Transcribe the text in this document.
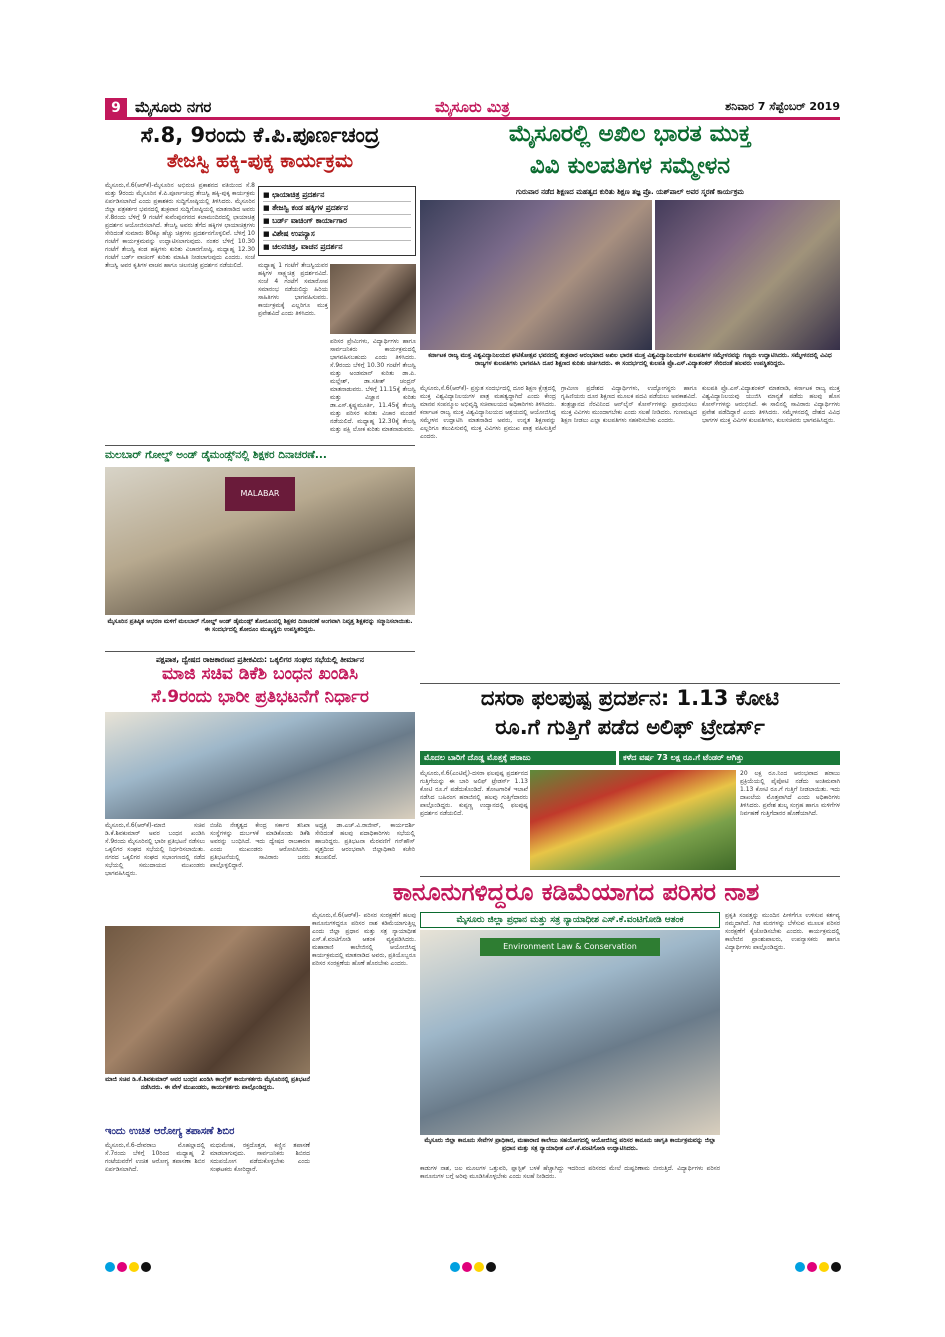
9 ಮೈಸೂರು ನಗರ	ಮೈಸೂರು ಮಿತ್ರ	ಶನಿವಾರ 7 ಸೆಪ್ಟೆಂಬರ್ 2019
ಸೆ.8, 9ರಂದು ಕೆ.ಪಿ.ಪೂರ್ಣಚಂದ್ರ
ತೇಜಸ್ವಿ ಹಕ್ಕಿ-ಪುಕ್ಕ ಕಾರ್ಯಕ್ರಮ
ಮೈಸೂರು,ಸೆ.6(ಆರ್‌ಕೆ)-ಮೈಸೂರಿನ ಅಭಿರುಚಿ ಪ್ರಕಾಶನದ ವತಿಯಿಂದ ಸೆ.8 ಮತ್ತು 9ರಂದು ಮೈಸೂರಿನ ಕೆ.ಪಿ.ಪೂರ್ಣಚಂದ್ರ ತೇಜಸ್ವಿ ಹಕ್ಕಿ-ಪುಕ್ಕ ಕಾರ್ಯಕ್ರಮ ಏರ್ಪಡಿಸಲಾಗಿದೆ ಎಂದು ಪ್ರಕಾಶಕರು ಸುದ್ದಿಗೋಷ್ಠಿಯಲ್ಲಿ ತಿಳಿಸಿದರು. ಮೈಸೂರಿನ ಜಿಲ್ಲಾ ಪತ್ರಕರ್ತರ ಭವನದಲ್ಲಿ ಶುಕ್ರವಾರ ಸುದ್ದಿಗೋಷ್ಠಿಯಲ್ಲಿ ಮಾತನಾಡಿದ ಅವರು ಸೆ.8ರಂದು ಬೆಳಿಗ್ಗೆ 9 ಗಂಟೆಗೆ ಕುವೆಂಪುನಗರದ ಕಲಾಮಂದಿರದಲ್ಲಿ ಛಾಯಾಚಿತ್ರ ಪ್ರದರ್ಶನ ಆಯೋಜಿಸಲಾಗಿದೆ. ತೇಜಸ್ವಿ ಅವರು ತೆಗೆದ ಹಕ್ಕಿಗಳ ಛಾಯಾಚಿತ್ರಗಳು ಸೇರಿದಂತೆ ಸುಮಾರು 80ಕ್ಕೂ ಹೆಚ್ಚು ಚಿತ್ರಗಳು ಪ್ರದರ್ಶನಗೊಳ್ಳಲಿವೆ. ಬೆಳಿಗ್ಗೆ 10 ಗಂಟೆಗೆ ಕಾರ್ಯಕ್ರಮವನ್ನು ಉದ್ಘಾಟಿಸಲಾಗುವುದು. ನಂತರ ಬೆಳಿಗ್ಗೆ 10.30 ಗಂಟೆಗೆ ತೇಜಸ್ವಿ ಕಂಡ ಹಕ್ಕಿಗಳು ಕುರಿತು ವಿಚಾರಗೋಷ್ಠಿ, ಮಧ್ಯಾಹ್ನ 12.30 ಗಂಟೆಗೆ ಬರ್ಡ್ ವಾಚಿಂಗ್ ಕುರಿತು ಮಾಹಿತಿ ನೀಡಲಾಗುವುದು ಎಂದರು. ಸಂಜೆ ತೇಜಸ್ವಿ ಅವರ ಕೃತಿಗಳ ವಾಚನ ಹಾಗೂ ಚಲನಚಿತ್ರ ಪ್ರದರ್ಶನ ನಡೆಯಲಿದೆ.
■ ಛಾಯಾಚಿತ್ರ ಪ್ರದರ್ಶನ
■ ತೇಜಸ್ವಿ ಕಂಡ ಹಕ್ಕಿಗಳ ಪ್ರದರ್ಶನ
■ ಬರ್ಡ್ ವಾಚಿಂಗ್ ಕಾರ್ಯಾಗಾರ
■ ವಿಶೇಷ ಉಪನ್ಯಾಸ
■ ಚಲನಚಿತ್ರ, ವಾಚನ ಪ್ರದರ್ಶನ
ಮಧ್ಯಾಹ್ನ 1 ಗಂಟೆಗೆ ತೇಜಸ್ವಿಯವರ ಹಕ್ಕಿಗಳ ಸಾಕ್ಷ್ಯಚಿತ್ರ ಪ್ರದರ್ಶನವಿದೆ. ಸಂಜೆ 4 ಗಂಟೆಗೆ ಸಮಾರೋಪ ಸಮಾರಂಭ ನಡೆಯಲಿದ್ದು ಹಿರಿಯ ಸಾಹಿತಿಗಳು ಭಾಗವಹಿಸುವರು. ಕಾರ್ಯಕ್ರಮಕ್ಕೆ ಎಲ್ಲರಿಗೂ ಮುಕ್ತ ಪ್ರವೇಶವಿದೆ ಎಂದು ತಿಳಿಸಿದರು.
ಪರಿಸರ ಪ್ರೇಮಿಗಳು, ವಿದ್ಯಾರ್ಥಿಗಳು ಹಾಗೂ ಸಾರ್ವಜನಿಕರು ಕಾರ್ಯಕ್ರಮದಲ್ಲಿ ಭಾಗವಹಿಸಬಹುದು ಎಂದು ತಿಳಿಸಿದರು. ಸೆ.9ರಂದು ಬೆಳಿಗ್ಗೆ 10.30 ಗಂಟೆಗೆ ತೇಜಸ್ವಿ ಮತ್ತು ಅಂಡಮಾನ್ ಕುರಿತು ಡಾ.ಪಿ. ಮಲ್ಲೇಶ್, ಡಾ.ಸತೀಶ್ ಚಂದ್ರನ್ ಮಾತನಾಡುವರು. ಬೆಳಿಗ್ಗೆ 11.15ಕ್ಕೆ ತೇಜಸ್ವಿ ಮತ್ತು ವಿಜ್ಞಾನ ಕುರಿತು ಡಾ.ಎಸ್.ಕೃಷ್ಣಮೂರ್ತಿ, 11.45ಕ್ಕೆ ತೇಜಸ್ವಿ ಮತ್ತು ಪರಿಸರ ಕುರಿತು ವಿಚಾರ ಮಂಡನೆ ನಡೆಯಲಿದೆ. ಮಧ್ಯಾಹ್ನ 12.30ಕ್ಕೆ ತೇಜಸ್ವಿ ಮತ್ತು ಪಕ್ಷಿ ಲೋಕ ಕುರಿತು ಮಾತನಾಡುವರು.
ಮೈಸೂರಲ್ಲಿ ಅಖಿಲ ಭಾರತ ಮುಕ್ತ
ವಿವಿ ಕುಲಪತಿಗಳ ಸಮ್ಮೇಳನ
ಗುರುವಾರ ನಡೆದ ಶಿಕ್ಷಣದ ಮಹತ್ವದ ಕುರಿತು ಶಿಕ್ಷಣ ತಜ್ಞ ಪ್ರೊ. ಯಶ್‌ಪಾಲ್ ಅವರ ಸ್ಮರಣೆ ಕಾರ್ಯಕ್ರಮ
ಕರ್ನಾಟಕ ರಾಜ್ಯ ಮುಕ್ತ ವಿಶ್ವವಿದ್ಯಾನಿಲಯದ ಘಟಿಕೋತ್ಸವ ಭವನದಲ್ಲಿ ಶುಕ್ರವಾರ ಆರಂಭವಾದ ಅಖಿಲ ಭಾರತ ಮುಕ್ತ ವಿಶ್ವವಿದ್ಯಾನಿಲಯಗಳ ಕುಲಪತಿಗಳ ಸಮ್ಮೇಳನವನ್ನು ಗಣ್ಯರು ಉದ್ಘಾಟಿಸಿದರು. ಸಮ್ಮೇಳನದಲ್ಲಿ ವಿವಿಧ ರಾಜ್ಯಗಳ ಕುಲಪತಿಗಳು ಭಾಗವಹಿಸಿ ದೂರ ಶಿಕ್ಷಣದ ಕುರಿತು ಚರ್ಚಿಸಿದರು. ಈ ಸಂದರ್ಭದಲ್ಲಿ ಕುಲಪತಿ ಪ್ರೊ.ಎಸ್.ವಿದ್ಯಾಶಂಕರ್ ಸೇರಿದಂತೆ ಹಲವರು ಉಪಸ್ಥಿತರಿದ್ದರು.
ಮೈಸೂರು,ಸೆ.6(ಆರ್‌ಕೆ)- ಪ್ರಸ್ತುತ ಸಂದರ್ಭದಲ್ಲಿ ದೂರ ಶಿಕ್ಷಣ ಕ್ಷೇತ್ರದಲ್ಲಿ ಮುಕ್ತ ವಿಶ್ವವಿದ್ಯಾನಿಲಯಗಳ ಪಾತ್ರ ಮಹತ್ವದ್ದಾಗಿದೆ ಎಂದು ಕೇಂದ್ರ ಮಾನವ ಸಂಪನ್ಮೂಲ ಅಭಿವೃದ್ಧಿ ಸಚಿವಾಲಯದ ಅಧಿಕಾರಿಗಳು ತಿಳಿಸಿದರು. ಕರ್ನಾಟಕ ರಾಜ್ಯ ಮುಕ್ತ ವಿಶ್ವವಿದ್ಯಾನಿಲಯದ ಆಶ್ರಯದಲ್ಲಿ ಆಯೋಜಿಸಿದ್ದ ಸಮ್ಮೇಳನ ಉದ್ಘಾಟಿಸಿ ಮಾತನಾಡಿದ ಅವರು, ಉನ್ನತ ಶಿಕ್ಷಣವನ್ನು ಎಲ್ಲರಿಗೂ ತಲುಪಿಸುವಲ್ಲಿ ಮುಕ್ತ ವಿವಿಗಳು ಪ್ರಮುಖ ಪಾತ್ರ ವಹಿಸುತ್ತಿವೆ ಎಂದರು.
ಗ್ರಾಮೀಣ ಪ್ರದೇಶದ ವಿದ್ಯಾರ್ಥಿಗಳು, ಉದ್ಯೋಗಸ್ಥರು ಹಾಗೂ ಗೃಹಿಣಿಯರು ದೂರ ಶಿಕ್ಷಣದ ಮೂಲಕ ಪದವಿ ಪಡೆಯಲು ಅವಕಾಶವಿದೆ. ತಂತ್ರಜ್ಞಾನದ ನೆರವಿನಿಂದ ಆನ್‌ಲೈನ್ ಕೋರ್ಸ್‌ಗಳನ್ನು ಪ್ರಾರಂಭಿಸಲು ಮುಕ್ತ ವಿವಿಗಳು ಮುಂದಾಗಬೇಕು ಎಂದು ಸಲಹೆ ನೀಡಿದರು. ಗುಣಮಟ್ಟದ ಶಿಕ್ಷಣ ನೀಡಲು ಎಲ್ಲಾ ಕುಲಪತಿಗಳು ಸಹಕರಿಸಬೇಕು ಎಂದರು.
ಕುಲಪತಿ ಪ್ರೊ.ಎಸ್.ವಿದ್ಯಾಶಂಕರ್ ಮಾತನಾಡಿ, ಕರ್ನಾಟಕ ರಾಜ್ಯ ಮುಕ್ತ ವಿಶ್ವವಿದ್ಯಾನಿಲಯವು ಯುಜಿಸಿ ಮಾನ್ಯತೆ ಪಡೆದು ಹಲವು ಹೊಸ ಕೋರ್ಸ್‌ಗಳನ್ನು ಆರಂಭಿಸಿದೆ. ಈ ಸಾಲಿನಲ್ಲಿ ಸಾವಿರಾರು ವಿದ್ಯಾರ್ಥಿಗಳು ಪ್ರವೇಶ ಪಡೆದಿದ್ದಾರೆ ಎಂದು ತಿಳಿಸಿದರು. ಸಮ್ಮೇಳನದಲ್ಲಿ ದೇಶದ ವಿವಿಧ ಭಾಗಗಳ ಮುಕ್ತ ವಿವಿಗಳ ಕುಲಪತಿಗಳು, ಕುಲಸಚಿವರು ಭಾಗವಹಿಸಿದ್ದರು.
ಮಲಬಾರ್ ಗೋಲ್ಡ್ ಅಂಡ್ ಡೈಮಂಡ್ಸ್‌ನಲ್ಲಿ ಶಿಕ್ಷಕರ ದಿನಾಚರಣೆ...
MALABAR
ಮೈಸೂರಿನ ಪ್ರತಿಷ್ಠಿತ ಆಭರಣ ಮಳಿಗೆ ಮಲಬಾರ್ ಗೋಲ್ಡ್ ಅಂಡ್ ಡೈಮಂಡ್ಸ್ ಶೋರೂಂನಲ್ಲಿ ಶಿಕ್ಷಕರ ದಿನಾಚರಣೆ ಅಂಗವಾಗಿ ನಿವೃತ್ತ ಶಿಕ್ಷಕರನ್ನು ಸನ್ಮಾನಿಸಲಾಯಿತು. ಈ ಸಂದರ್ಭದಲ್ಲಿ ಶೋರೂಂ ಮುಖ್ಯಸ್ಥರು ಉಪಸ್ಥಿತರಿದ್ದರು.
ಪಕ್ಷಪಾತ, ದ್ವೇಷದ ರಾಜಕಾರಣದ ಪ್ರತೀಕವಿದು: ಒಕ್ಕಲಿಗರ ಸಂಘದ ಸಭೆಯಲ್ಲಿ ತೀರ್ಮಾನ
ಮಾಜಿ ಸಚಿವ ಡಿಕೆಶಿ ಬಂಧನ ಖಂಡಿಸಿ
ಸೆ.9ರಂದು ಭಾರೀ ಪ್ರತಿಭಟನೆಗೆ ನಿರ್ಧಾರ
ಮೈಸೂರು,ಸೆ.6(ಆರ್‌ಕೆ)-ಮಾಜಿ ಸಚಿವ ಡಿ.ಕೆ.ಶಿವಕುಮಾರ್ ಅವರ ಬಂಧನ ಖಂಡಿಸಿ ಸೆ.9ರಂದು ಮೈಸೂರಿನಲ್ಲಿ ಭಾರೀ ಪ್ರತಿಭಟನೆ ನಡೆಸಲು ಒಕ್ಕಲಿಗರ ಸಂಘದ ಸಭೆಯಲ್ಲಿ ನಿರ್ಧರಿಸಲಾಯಿತು. ನಗರದ ಒಕ್ಕಲಿಗರ ಸಂಘದ ಸಭಾಂಗಣದಲ್ಲಿ ನಡೆದ ಸಭೆಯಲ್ಲಿ ಸಮುದಾಯದ ಮುಖಂಡರು ಭಾಗವಹಿಸಿದ್ದರು.
ಬಿಜೆಪಿ ನೇತೃತ್ವದ ಕೇಂದ್ರ ಸರ್ಕಾರ ತನಿಖಾ ಸಂಸ್ಥೆಗಳನ್ನು ದುರ್ಬಳಕೆ ಮಾಡಿಕೊಂಡು ಡಿಕೆಶಿ ಅವರನ್ನು ಬಂಧಿಸಿದೆ. ಇದು ದ್ವೇಷದ ರಾಜಕಾರಣ ಎಂದು ಮುಖಂಡರು ಆರೋಪಿಸಿದರು. ಪ್ರತಿಭಟನೆಯಲ್ಲಿ ಸಾವಿರಾರು ಜನರು ಪಾಲ್ಗೊಳ್ಳಲಿದ್ದಾರೆ.
ಅಧ್ಯಕ್ಷ ಡಾ.ಎಚ್.ವಿ.ರಾಜೀವ್, ಕಾರ್ಯದರ್ಶಿ ಸೇರಿದಂತೆ ಹಲವು ಪದಾಧಿಕಾರಿಗಳು ಸಭೆಯಲ್ಲಿ ಹಾಜರಿದ್ದರು. ಪ್ರತಿಭಟನಾ ಮೆರವಣಿಗೆ ಗನ್‌ಹೌಸ್ ವೃತ್ತದಿಂದ ಆರಂಭವಾಗಿ ಜಿಲ್ಲಾಧಿಕಾರಿ ಕಚೇರಿ ತಲುಪಲಿದೆ.
ದಸರಾ ಫಲಪುಷ್ಪ ಪ್ರದರ್ಶನ: 1.13 ಕೋಟಿ
ರೂ.ಗೆ ಗುತ್ತಿಗೆ ಪಡೆದ ಅಲಿಫ್ ಟ್ರೇಡರ್ಸ್
ಮೊದಲ ಬಾರಿಗೆ ದೊಡ್ಡ ಮೊತ್ತಕ್ಕೆ ಹರಾಜು	ಕಳೆದ ವರ್ಷ 73 ಲಕ್ಷ ರೂ.ಗೆ ಟೆಂಡರ್ ಆಗಿತ್ತು
ಮೈಸೂರು,ಸೆ.6(ಎಂಟಿವೈ)-ದಸರಾ ಫಲಪುಷ್ಪ ಪ್ರದರ್ಶನದ ಗುತ್ತಿಗೆಯನ್ನು ಈ ಬಾರಿ ಅಲಿಫ್ ಟ್ರೇಡರ್ಸ್ 1.13 ಕೋಟಿ ರೂ.ಗೆ ಪಡೆದುಕೊಂಡಿದೆ. ತೋಟಗಾರಿಕೆ ಇಲಾಖೆ ನಡೆಸಿದ ಬಹಿರಂಗ ಹರಾಜಿನಲ್ಲಿ ಹಲವು ಗುತ್ತಿಗೆದಾರರು ಪಾಲ್ಗೊಂಡಿದ್ದರು. ಕುಪ್ಪಣ್ಣ ಉದ್ಯಾನದಲ್ಲಿ ಫಲಪುಷ್ಪ ಪ್ರದರ್ಶನ ನಡೆಯಲಿದೆ.
20 ಲಕ್ಷ ರೂ.ನಿಂದ ಆರಂಭವಾದ ಹರಾಜು ಪ್ರಕ್ರಿಯೆಯಲ್ಲಿ ಪೈಪೋಟಿ ನಡೆದು ಅಂತಿಮವಾಗಿ 1.13 ಕೋಟಿ ರೂ.ಗೆ ಗುತ್ತಿಗೆ ನೀಡಲಾಯಿತು. ಇದು ದಾಖಲೆಯ ಮೊತ್ತವಾಗಿದೆ ಎಂದು ಅಧಿಕಾರಿಗಳು ತಿಳಿಸಿದರು. ಪ್ರವೇಶ ಶುಲ್ಕ ಸಂಗ್ರಹ ಹಾಗೂ ಮಳಿಗೆಗಳ ನಿರ್ವಹಣೆ ಗುತ್ತಿಗೆದಾರರ ಹೊಣೆಯಾಗಿದೆ.
ಕಾನೂನುಗಳಿದ್ದರೂ ಕಡಿಮೆಯಾಗದ ಪರಿಸರ ನಾಶ
ಮೈಸೂರು ಜಿಲ್ಲಾ ಪ್ರಧಾನ ಮತ್ತು ಸತ್ರ ನ್ಯಾಯಾಧೀಶ ಎಸ್.ಕೆ.ವಂಟಿಗೋಡಿ ಆತಂಕ
Environment Law & Conservation
ಮೈಸೂರು ಜಿಲ್ಲಾ ಕಾನೂನು ಸೇವೆಗಳ ಪ್ರಾಧಿಕಾರ, ಮಹಾರಾಣಿ ಕಾಲೇಜು ಸಹಯೋಗದಲ್ಲಿ ಆಯೋಜಿಸಿದ್ದ ಪರಿಸರ ಕಾನೂನು ಜಾಗೃತಿ ಕಾರ್ಯಕ್ರಮವನ್ನು ಜಿಲ್ಲಾ ಪ್ರಧಾನ ಮತ್ತು ಸತ್ರ ನ್ಯಾಯಾಧೀಶ ಎಸ್.ಕೆ.ವಂಟಿಗೋಡಿ ಉದ್ಘಾಟಿಸಿದರು.
ಮೈಸೂರು,ಸೆ.6(ಆರ್‌ಕೆ)- ಪರಿಸರ ಸಂರಕ್ಷಣೆಗೆ ಹಲವು ಕಾನೂನುಗಳಿದ್ದರೂ ಪರಿಸರ ನಾಶ ಕಡಿಮೆಯಾಗುತ್ತಿಲ್ಲ ಎಂದು ಜಿಲ್ಲಾ ಪ್ರಧಾನ ಮತ್ತು ಸತ್ರ ನ್ಯಾಯಾಧೀಶ ಎಸ್.ಕೆ.ವಂಟಿಗೋಡಿ ಆತಂಕ ವ್ಯಕ್ತಪಡಿಸಿದರು. ಮಹಾರಾಣಿ ಕಾಲೇಜಿನಲ್ಲಿ ಆಯೋಜಿಸಿದ್ದ ಕಾರ್ಯಕ್ರಮದಲ್ಲಿ ಮಾತನಾಡಿದ ಅವರು, ಪ್ರತಿಯೊಬ್ಬರೂ ಪರಿಸರ ಸಂರಕ್ಷಣೆಯ ಹೊಣೆ ಹೊರಬೇಕು ಎಂದರು.
ಕಾಡುಗಳ ನಾಶ, ಜಲ ಮೂಲಗಳ ಒತ್ತುವರಿ, ಪ್ಲಾಸ್ಟಿಕ್ ಬಳಕೆ ಹೆಚ್ಚಾಗಿದ್ದು ಇದರಿಂದ ಪರಿಸರದ ಮೇಲೆ ದುಷ್ಪರಿಣಾಮ ಬೀರುತ್ತಿದೆ. ವಿದ್ಯಾರ್ಥಿಗಳು ಪರಿಸರ ಕಾನೂನುಗಳ ಬಗ್ಗೆ ಅರಿವು ಮೂಡಿಸಿಕೊಳ್ಳಬೇಕು ಎಂದು ಸಲಹೆ ನೀಡಿದರು.
ಪ್ರಕೃತಿ ಸಂಪತ್ತನ್ನು ಮುಂದಿನ ಪೀಳಿಗೆಗೂ ಉಳಿಸುವ ಕರ್ತವ್ಯ ನಮ್ಮದಾಗಿದೆ. ಗಿಡ ಮರಗಳನ್ನು ಬೆಳೆಸುವ ಮೂಲಕ ಪರಿಸರ ಸಂರಕ್ಷಣೆಗೆ ಕೈಜೋಡಿಸಬೇಕು ಎಂದರು. ಕಾರ್ಯಕ್ರಮದಲ್ಲಿ ಕಾಲೇಜಿನ ಪ್ರಾಂಶುಪಾಲರು, ಉಪನ್ಯಾಸಕರು ಹಾಗೂ ವಿದ್ಯಾರ್ಥಿಗಳು ಪಾಲ್ಗೊಂಡಿದ್ದರು.
ಮಾಜಿ ಸಚಿವ ಡಿ.ಕೆ.ಶಿವಕುಮಾರ್ ಅವರ ಬಂಧನ ಖಂಡಿಸಿ ಕಾಂಗ್ರೆಸ್ ಕಾರ್ಯಕರ್ತರು ಮೈಸೂರಿನಲ್ಲಿ ಪ್ರತಿಭಟನೆ ನಡೆಸಿದರು. ಈ ವೇಳೆ ಮುಖಂಡರು, ಕಾರ್ಯಕರ್ತರು ಪಾಲ್ಗೊಂಡಿದ್ದರು.
ಇಂದು ಉಚಿತ ಆರೋಗ್ಯ ತಪಾಸಣೆ ಶಿಬಿರ
ಮೈಸೂರು,ಸೆ.6-ದೇವರಾಜ ಮೊಹಲ್ಲಾದಲ್ಲಿ ಸೆ.7ರಂದು ಬೆಳಿಗ್ಗೆ 10ರಿಂದ ಮಧ್ಯಾಹ್ನ 2 ಗಂಟೆಯವರೆಗೆ ಉಚಿತ ಆರೋಗ್ಯ ತಪಾಸಣಾ ಶಿಬಿರ ಏರ್ಪಡಿಸಲಾಗಿದೆ.
ಮಧುಮೇಹ, ರಕ್ತದೊತ್ತಡ, ಕಣ್ಣಿನ ತಪಾಸಣೆ ಮಾಡಲಾಗುವುದು. ಸಾರ್ವಜನಿಕರು ಶಿಬಿರದ ಸದುಪಯೋಗ ಪಡೆದುಕೊಳ್ಳಬೇಕು ಎಂದು ಸಂಘಟಕರು ಕೋರಿದ್ದಾರೆ.
